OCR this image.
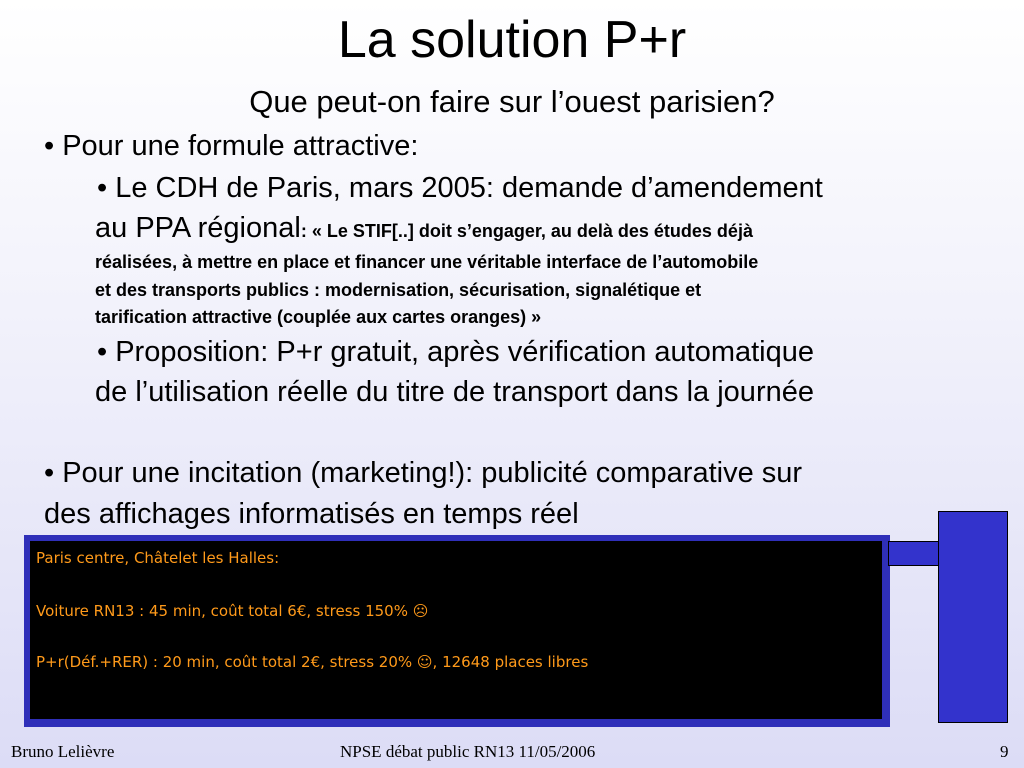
La solution P+r
Que peut-on faire sur l’ouest parisien?
• Pour une formule attractive:
• Le CDH de Paris, mars 2005: demande d’amendement
au PPA régional: « Le STIF[..] doit s’engager, au delà des études déjà
réalisées, à mettre en place et financer une véritable interface de l’automobile
et des transports publics : modernisation, sécurisation, signalétique et
tarification attractive (couplée aux cartes oranges) »
• Proposition: P+r gratuit, après vérification automatique
de l’utilisation réelle du titre de transport dans la journée
• Pour une incitation (marketing!): publicité comparative sur
des affichages informatisés en temps réel
Paris centre, Châtelet les Halles:
Voiture RN13 : 45 min, coût total 6€, stress 150% ☹
P+r(Déf.+RER) : 20 min, coût total 2€, stress 20% ☺, 12648 places libres
Bruno Lelièvre	NPSE débat public RN13 11/05/2006	9
